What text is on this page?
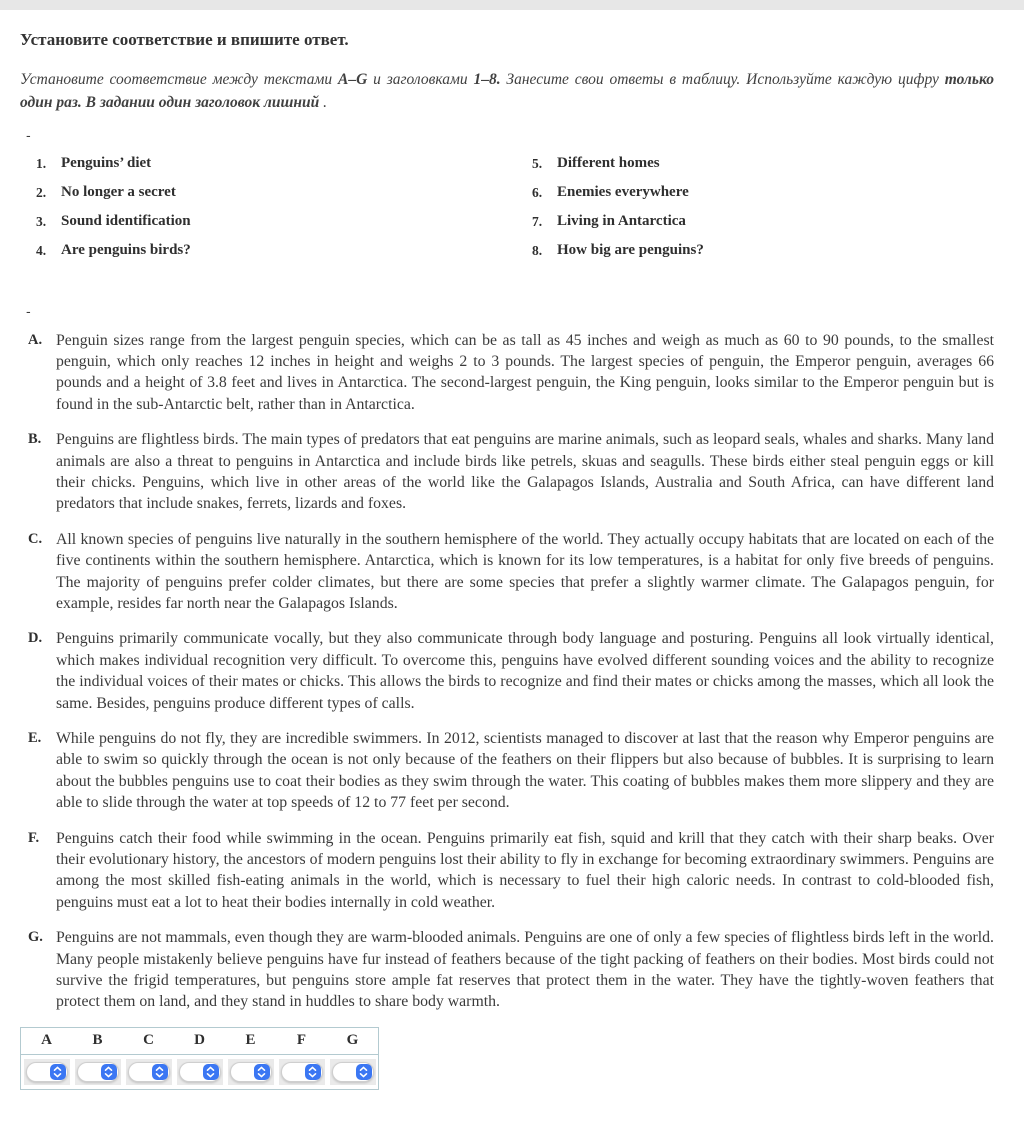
Установите соответствие и впишите ответ.

Установите соответствие между текстами A–G и заголовками 1–8. Занесите свои ответы в таблицу. Используйте каждую цифру только один раз. В задании один заголовок лишний .

-
1. Penguins’ diet
2. No longer a secret
3. Sound identification
4. Are penguins birds?
5. Different homes
6. Enemies everywhere
7. Living in Antarctica
8. How big are penguins?
-
A. Penguin sizes range from the largest penguin species, which can be as tall as 45 inches and weigh as much as 60 to 90 pounds, to the smallest penguin, which only reaches 12 inches in height and weighs 2 to 3 pounds. The largest species of penguin, the Emperor penguin, averages 66 pounds and a height of 3.8 feet and lives in Antarctica. The second-largest penguin, the King penguin, looks similar to the Emperor penguin but is found in the sub-Antarctic belt, rather than in Antarctica.
B. Penguins are flightless birds. The main types of predators that eat penguins are marine animals, such as leopard seals, whales and sharks. Many land animals are also a threat to penguins in Antarctica and include birds like petrels, skuas and seagulls. These birds either steal penguin eggs or kill their chicks. Penguins, which live in other areas of the world like the Galapagos Islands, Australia and South Africa, can have different land predators that include snakes, ferrets, lizards and foxes.
C. All known species of penguins live naturally in the southern hemisphere of the world. They actually occupy habitats that are located on each of the five continents within the southern hemisphere. Antarctica, which is known for its low temperatures, is a habitat for only five breeds of penguins. The majority of penguins prefer colder climates, but there are some species that prefer a slightly warmer climate. The Galapagos penguin, for example, resides far north near the Galapagos Islands.
D. Penguins primarily communicate vocally, but they also communicate through body language and posturing. Penguins all look virtually identical, which makes individual recognition very difficult. To overcome this, penguins have evolved different sounding voices and the ability to recognize the individual voices of their mates or chicks. This allows the birds to recognize and find their mates or chicks among the masses, which all look the same. Besides, penguins produce different types of calls.
E. While penguins do not fly, they are incredible swimmers. In 2012, scientists managed to discover at last that the reason why Emperor penguins are able to swim so quickly through the ocean is not only because of the feathers on their flippers but also because of bubbles. It is surprising to learn about the bubbles penguins use to coat their bodies as they swim through the water. This coating of bubbles makes them more slippery and they are able to slide through the water at top speeds of 12 to 77 feet per second.
F.	Penguins catch their food while swimming in the ocean. Penguins primarily eat fish, squid and krill that they catch with their sharp beaks. Over their evolutionary history, the ancestors of modern penguins lost their ability to fly in exchange for becoming extraordinary swimmers. Penguins are among the most skilled fish-eating animals in the world, which is necessary to fuel their high caloric needs. In contrast to cold-blooded fish, penguins must eat a lot to heat their bodies internally in cold weather.
G. Penguins are not mammals, even though they are warm-blooded animals. Penguins are one of only a few species of flightless birds left in the world. Many people mistakenly believe penguins have fur instead of feathers because of the tight packing of feathers on their bodies. Most birds could not survive the frigid temperatures, but penguins store ample fat reserves that protect them in the water. They have the tightly-woven feathers that protect them on land, and they stand in huddles to share body warmth.
A	B	C	D	E	F	G
